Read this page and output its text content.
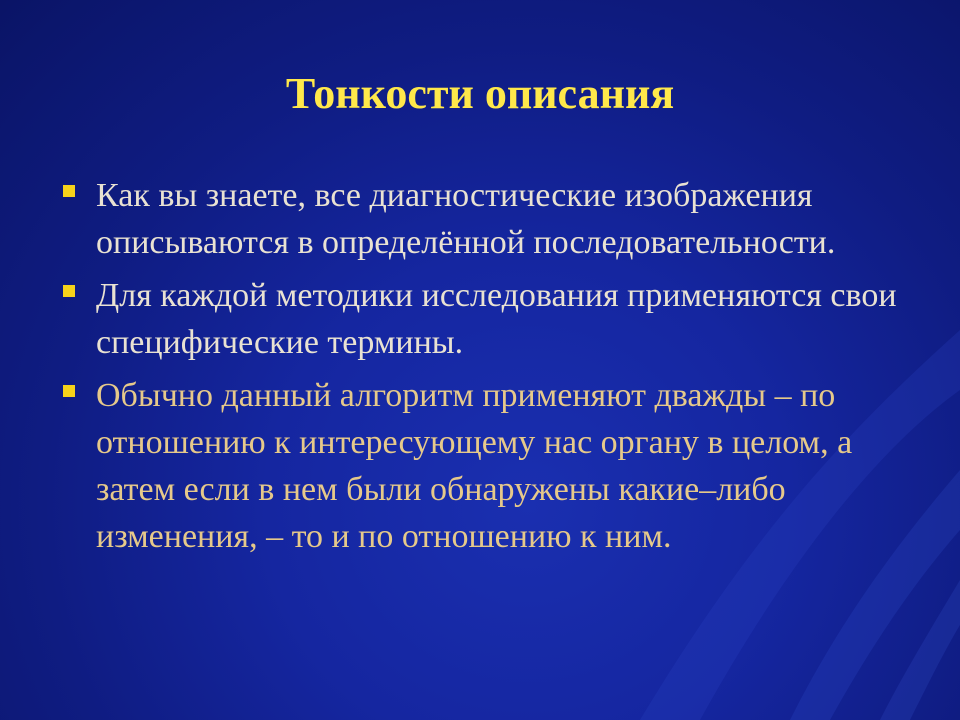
Тонкости описания
Как вы знаете, все диагностические изображения описываются в определённой последовательности.
Для каждой методики исследования применяются свои специфические термины.
Обычно данный алгоритм применяют дважды – по отношению к интересующему нас органу в целом, а затем если в нем были обнаружены какие–либо изменения, – то и по отношению к ним.
